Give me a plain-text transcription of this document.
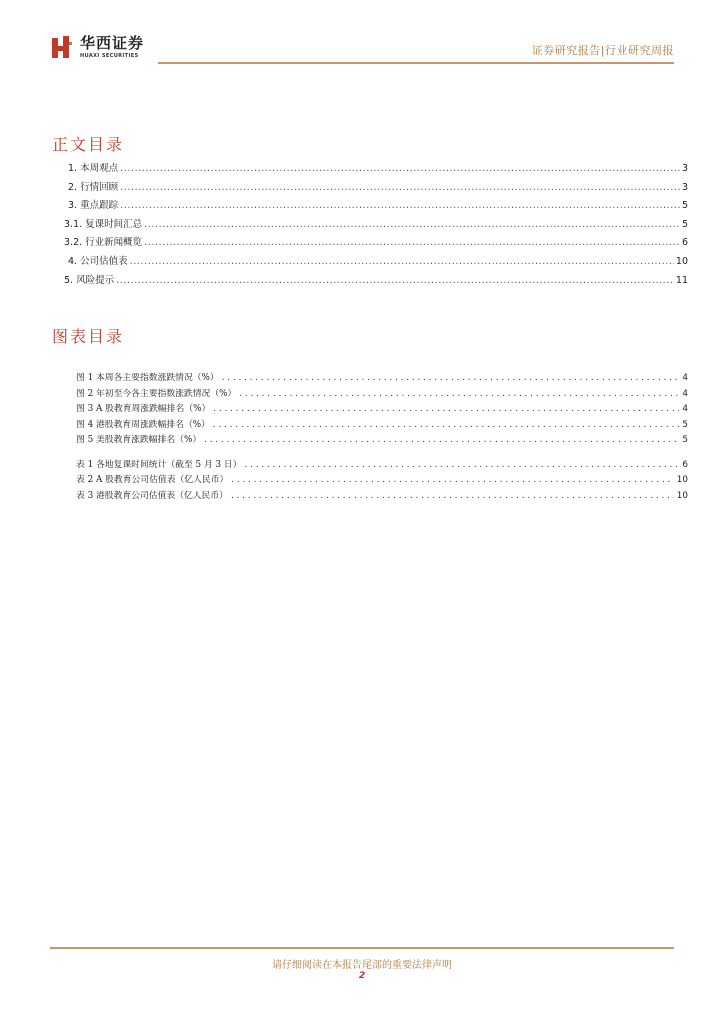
华西证券
HUAXI SECURITIES	证券研究报告|行业研究周报
正文目录
1. 本周观点 .....	3
2. 行情回顾 .....	3
3. 重点跟踪 .....	5
3.1. 复课时间汇总 .....	5
3.2. 行业新闻概览 .....	6
4. 公司估值表 .....	10
5. 风险提示 .....	11
图表目录
图 1 本周各主要指数涨跌情况（%） . . .	4
图 2 年初至今各主要指数涨跌情况（%） . . .	4
图 3 A 股教育周涨跌幅排名（%） . . .	4
图 4 港股教育周涨跌幅排名（%） . . .	5
图 5 美股教育涨跌幅排名（%） . . .	5
表 1 各地复课时间统计（截至 5 月 3 日） . . .	6
表 2 A 股教育公司估值表（亿人民币） . . .	10
表 3 港股教育公司估值表（亿人民币） . . .	10
请仔细阅读在本报告尾部的重要法律声明
2
